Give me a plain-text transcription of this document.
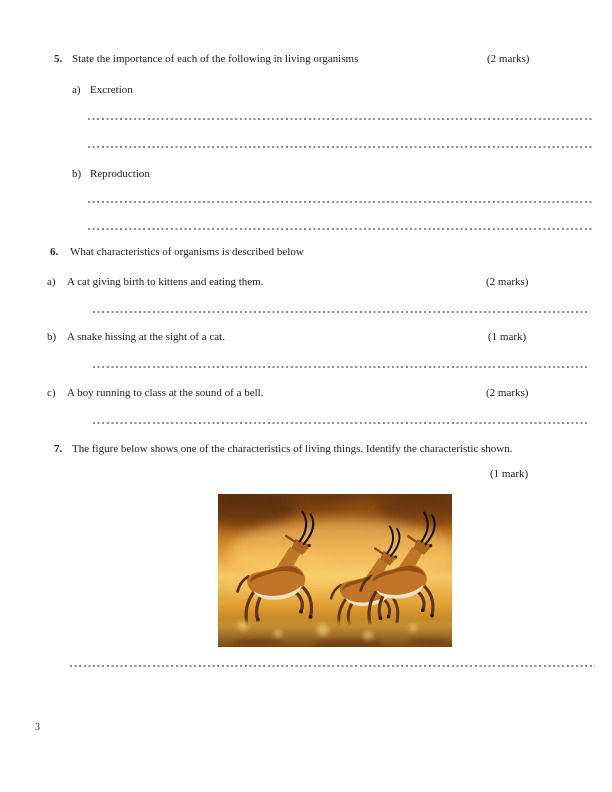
5. State the importance of each of the following in living organisms	(2 marks)
a) Excretion
b) Reproduction
6. What characteristics of organisms is described below
a) A cat giving birth to kittens and eating them.	(2 marks)
b) A snake hissing at the sight of a cat.	(1 mark)
c) A boy running to class at the sound of a bell.	(2 marks)
7. The figure below shows one of the characteristics of living things. Identify the characteristic shown.
(1 mark)
3
